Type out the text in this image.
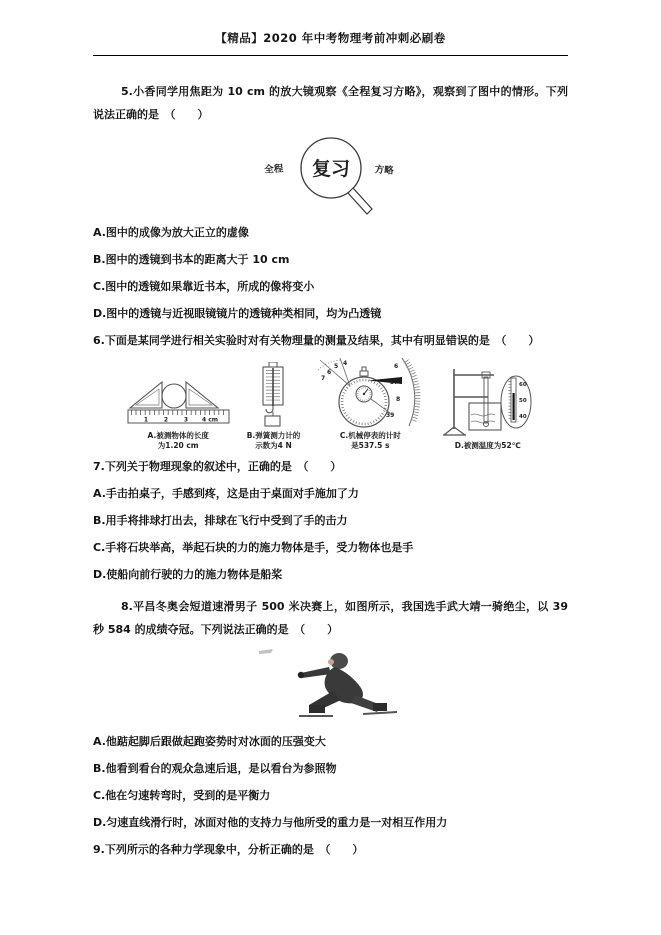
【精品】2020 年中考物理考前冲刺必刷卷
5.小香同学用焦距为 10 cm 的放大镜观察《全程复习方略》，观察到了图中的情形。下列说法正确的是　（　　）
全程 复习	方略
A.图中的成像为放大正立的虚像
B.图中的透镜到书本的距离大于 10 cm
C.图中的透镜如果靠近书本，所成的像将变小
D.图中的透镜与近视眼镜镜片的透镜种类相同，均为凸透镜
6.下面是某同学进行相关实验时对有关物理量的测量及结果，其中有明显错误的是　（　　）
1	2	3 4 cm
A.被测物体的长度
为1.20 cm
B.弹簧测力计的
示数为4 N
7
6
5 4	6
8
39
C.机械停表的计时
是537.5 s
60
50
40
D.被测温度为52℃
7.下列关于物理现象的叙述中，正确的是　（　　）
A.手击拍桌子，手感到疼，这是由于桌面对手施加了力
B.用手将排球打出去，排球在飞行中受到了手的击力
C.手将石块举高，举起石块的力的施力物体是手，受力物体也是手
D.使船向前行驶的力的施力物体是船桨
8.平昌冬奥会短道速滑男子 500 米决赛上，如图所示，我国选手武大靖一骑绝尘，以 39 秒 584 的成绩夺冠。下列说法正确的是　（　　）
A.他踮起脚后跟做起跑姿势时对冰面的压强变大
B.他看到看台的观众急速后退，是以看台为参照物
C.他在匀速转弯时，受到的是平衡力
D.匀速直线滑行时，冰面对他的支持力与他所受的重力是一对相互作用力
9.下列所示的各种力学现象中，分析正确的是　（　　）
